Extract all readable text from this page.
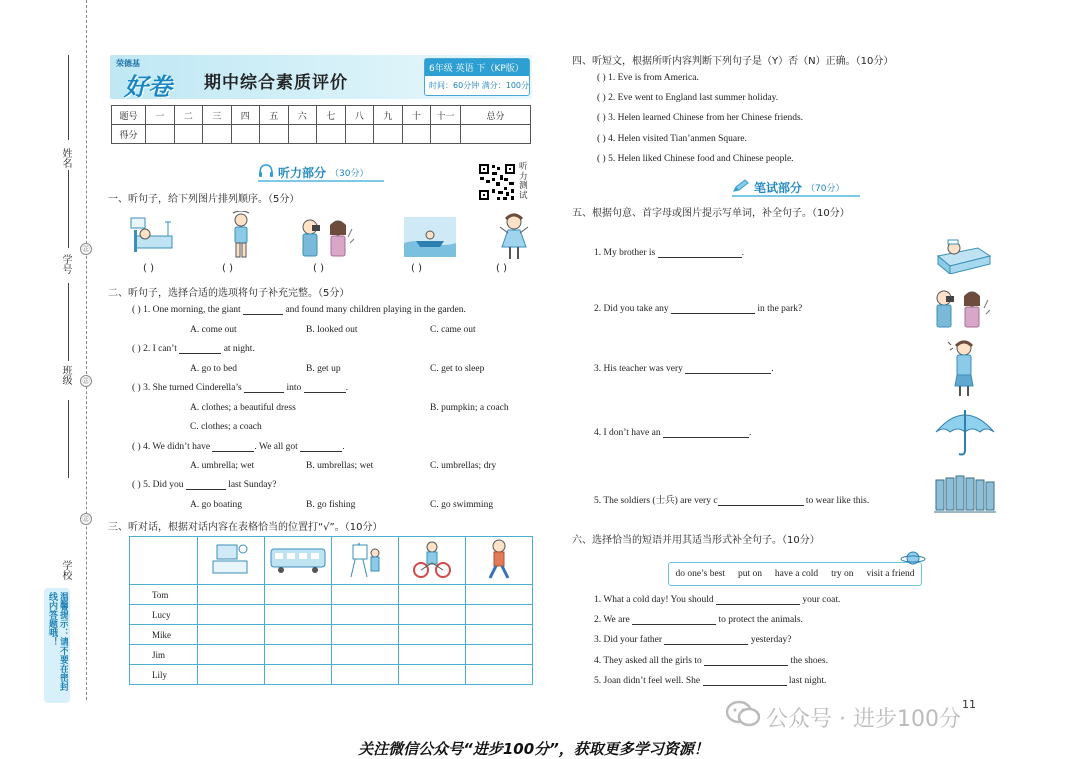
姓名
㊣
学号
班级	㊣
㊣
学校
温馨提示：请不要在密封线内答题哦！
荣德基
好卷 期中综合素质评价
6年级 英语 下（KP版）
时间：60分钟 满分：100分
题号	一	二	三	四	五	六	七	八	九	十	十一	总分
得分												
听力部分 （30分）
听力测试
一、听句子，给下列图片排列顺序。（5分）
( )	( )	( )	( )	( )
二、听句子，选择合适的选项将句子补充完整。（5分）
( ) 1. One morning, the giant	and found many children playing in the garden.
A. come out	B. looked out	C. came out
( ) 2. I can’t	at night.
A. go to bed	B. get up	C. get to sleep
( ) 3. She turned Cinderella’s	into	.
A. clothes; a beautiful dress	B. pumpkin; a coach
C. clothes; a coach
( ) 4. We didn’t have	. We all got	.
A. umbrella; wet	B. umbrellas; wet	C. umbrellas; dry
( ) 5. Did you	last Sunday?
A. go boating	B. go fishing	C. go swimming
三、听对话，根据对话内容在表格恰当的位置打“√”。（10分）

Tom					
Lucy					
Mike					
Jim					
Lily					
四、听短文，根据所听内容判断下列句子是（Y）否（N）正确。（10分）
( ) 1. Eve is from America.
( ) 2. Eve went to England last summer holiday.
( ) 3. Helen learned Chinese from her Chinese friends.
( ) 4. Helen visited Tian’anmen Square.
( ) 5. Helen liked Chinese food and Chinese people.
笔试部分 （70分）
五、根据句意、首字母或图片提示写单词，补全句子。（10分）
1. My brother is	.
2. Did you take any	in the park?
3. His teacher was very	.
4. I don’t have an	.
5. The soldiers (士兵) are very c	to wear like this.
六、选择恰当的短语并用其适当形式补全句子。（10分）
do one’s best put on have a cold try on visit a friend
1. What a cold day! You should	your coat.
2. We are	to protect the animals.
3. Did your father	yesterday?
4. They asked all the girls to	the shoes.
5. Joan didn’t feel well. She	last night.
11
公众号 · 进步100分
关注微信公众号“进步100分”，获取更多学习资源！
